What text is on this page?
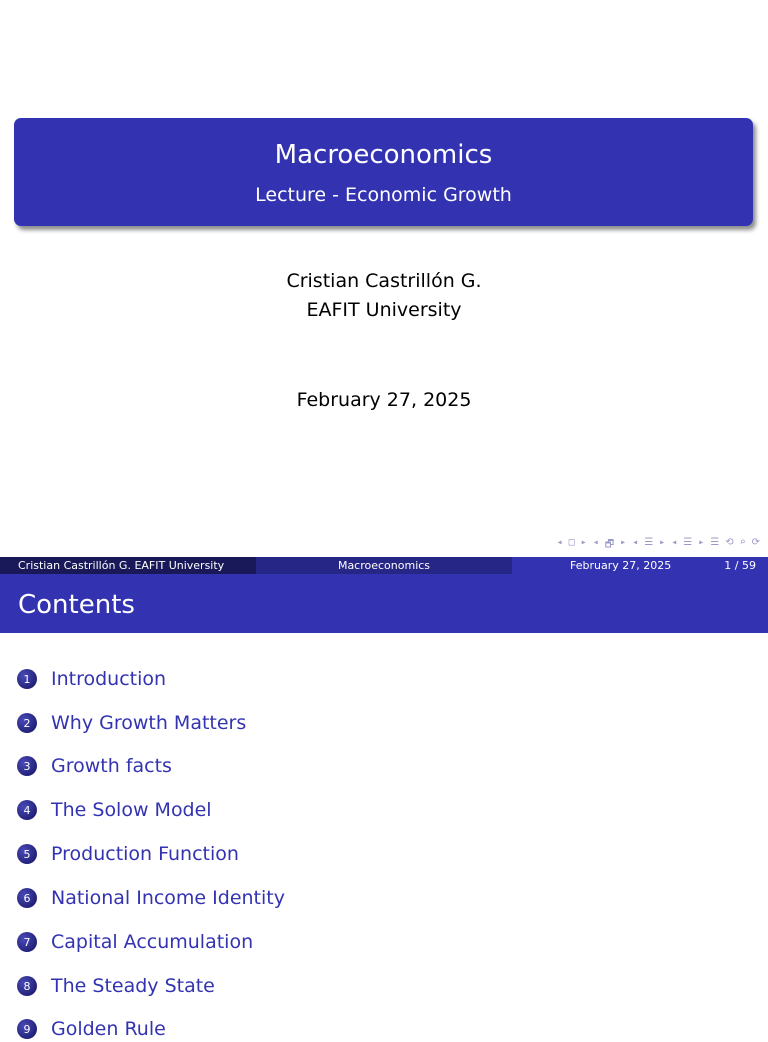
Macroeconomics
Lecture - Economic Growth
Cristian Castrillón G.
EAFIT University
February 27, 2025
◂ □ ▸ ◂ 🗗 ▸ ◂ ☰ ▸ ◂ ☰ ▸ ☰ ⟲ ⌕ ⟳
Cristian Castrillón G. EAFIT University	Macroeconomics	February 27, 2025	1 / 59
Contents
1	Introduction
2	Why Growth Matters
3	Growth facts
4	The Solow Model
5	Production Function
6	National Income Identity
7	Capital Accumulation
8	The Steady State
9	Golden Rule
